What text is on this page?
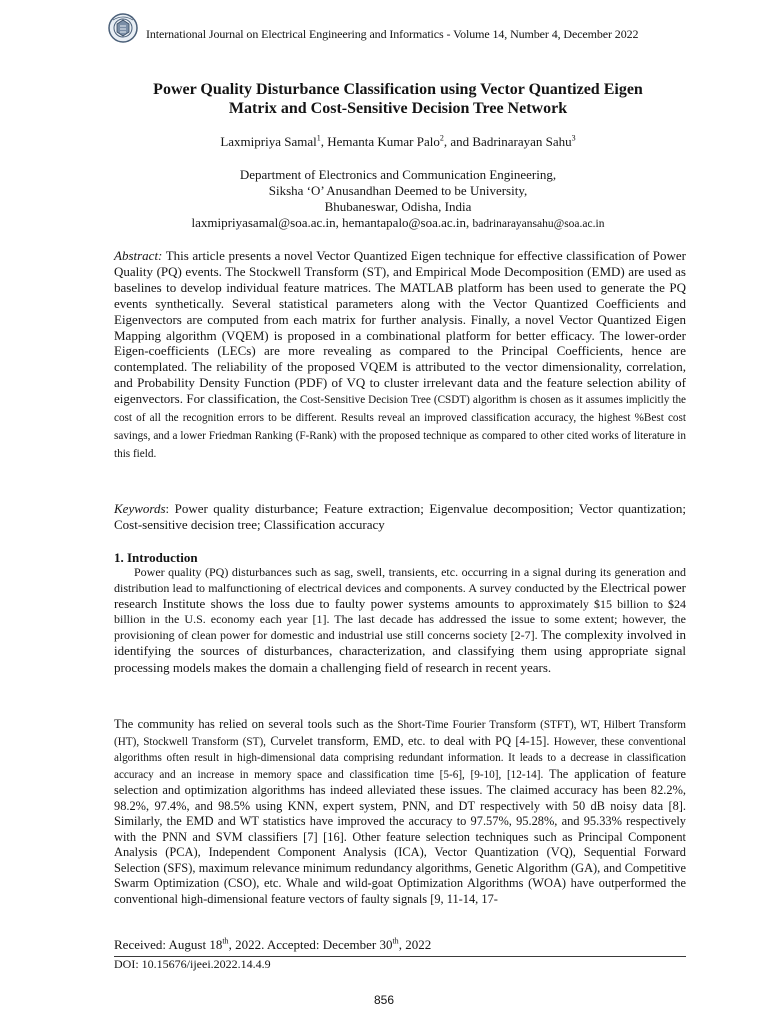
International Journal on Electrical Engineering and Informatics - Volume 14, Number 4, December 2022
Power Quality Disturbance Classification using Vector Quantized Eigen
Matrix and Cost-Sensitive Decision Tree Network
Laxmipriya Samal$^1$, Hemanta Kumar Palo$^2$, and Badrinarayan Sahu$^3$
Department of Electronics and Communication Engineering,
Siksha ‘O’ Anusandhan Deemed to be University,
Bhubaneswar, Odisha, India
laxmipriyasamal@soa.ac.in, hemantapalo@soa.ac.in, badrinarayansahu@soa.ac.in
Abstract: This article presents a novel Vector Quantized Eigen technique for effective classification of Power Quality (PQ) events. The Stockwell Transform (ST), and Empirical Mode Decomposition (EMD) are used as baselines to develop individual feature matrices. The MATLAB platform has been used to generate the PQ events synthetically. Several statistical parameters along with the Vector Quantized Coefficients and Eigenvectors are computed from each matrix for further analysis. Finally, a novel Vector Quantized Eigen Mapping algorithm (VQEM) is proposed in a combinational platform for better efficacy. The lower-order Eigen-coefficients (LECs) are more revealing as compared to the Principal Coefficients, hence are contemplated. The reliability of the proposed VQEM is attributed to the vector dimensionality, correlation, and Probability Density Function (PDF) of VQ to cluster irrelevant data and the feature selection ability of eigenvectors. For classification, the Cost-Sensitive Decision Tree (CSDT) algorithm is chosen as it assumes implicitly the cost of all the recognition errors to be different. Results reveal an improved classification accuracy, the highest %Best cost savings, and a lower Friedman Ranking (F-Rank) with the proposed technique as compared to other cited works of literature in this field.
Keywords: Power quality disturbance; Feature extraction; Eigenvalue decomposition; Vector quantization; Cost-sensitive decision tree; Classification accuracy
1. Introduction
Power quality (PQ) disturbances such as sag, swell, transients, etc. occurring in a signal during its generation and distribution lead to malfunctioning of electrical devices and components. A survey conducted by the Electrical power research Institute shows the loss due to faulty power systems amounts to approximately $15 billion to $24 billion in the U.S. economy each year [1]. The last decade has addressed the issue to some extent; however, the provisioning of clean power for domestic and industrial use still concerns society [2-7]. The complexity involved in identifying the sources of disturbances, characterization, and classifying them using appropriate signal processing models makes the domain a challenging field of research in recent years.
The community has relied on several tools such as the Short-Time Fourier Transform (STFT), WT, Hilbert Transform (HT), Stockwell Transform (ST), Curvelet transform, EMD, etc. to deal with PQ [4-15]. However, these conventional algorithms often result in high-dimensional data comprising redundant information. It leads to a decrease in classification accuracy and an increase in memory space and classification time [5-6], [9-10], [12-14]. The application of feature selection and optimization algorithms has indeed alleviated these issues. The claimed accuracy has been 82.2%, 98.2%, 97.4%, and 98.5% using KNN, expert system, PNN, and DT respectively with 50 dB noisy data [8]. Similarly, the EMD and WT statistics have improved the accuracy to 97.57%, 95.28%, and 95.33% respectively with the PNN and SVM classifiers [7] [16]. Other feature selection techniques such as Principal Component Analysis (PCA), Independent Component Analysis (ICA), Vector Quantization (VQ), Sequential Forward Selection (SFS), maximum relevance minimum redundancy algorithms, Genetic Algorithm (GA), and Competitive Swarm Optimization (CSO), etc. Whale and wild-goat Optimization Algorithms (WOA) have outperformed the conventional high-dimensional feature vectors of faulty signals [9, 11-14, 17-
Received: August 18th, 2022. Accepted: December 30th, 2022
DOI: 10.15676/ijeei.2022.14.4.9
856
